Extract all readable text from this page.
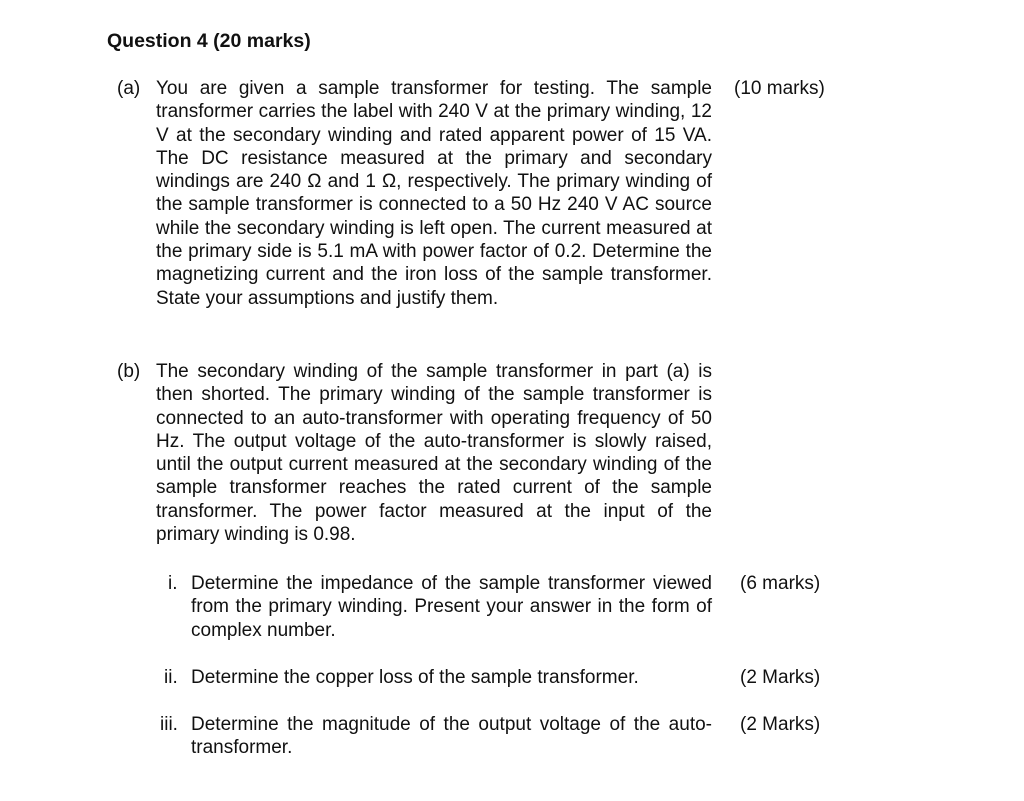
Question 4 (20 marks)
(a) You are given a sample transformer for testing. The sample transformer carries the label with 240 V at the primary winding, 12 V at the secondary winding and rated apparent power of 15 VA. The DC resistance measured at the primary and secondary windings are 240 Ω and 1 Ω, respectively. The primary winding of the sample transformer is connected to a 50 Hz 240 V AC source while the secondary winding is left open. The current measured at the primary side is 5.1 mA with power factor of 0.2. Determine the magnetizing current and the iron loss of the sample transformer. State your assumptions and justify them.

(10 marks)
(b) The secondary winding of the sample transformer in part (a) is then shorted. The primary winding of the sample transformer is connected to an auto-transformer with operating frequency of 50 Hz. The output voltage of the auto-transformer is slowly raised, until the output current measured at the secondary winding of the sample transformer reaches the rated current of the sample transformer. The power factor measured at the input of the primary winding is 0.98.

i. Determine the impedance of the sample transformer viewed from the primary winding. Present your answer in the form of complex number.

(6 marks)
ii. Determine the copper loss of the sample transformer.	(2 Marks)
iii. Determine the magnitude of the output voltage of the auto-transformer.

(2 Marks)
